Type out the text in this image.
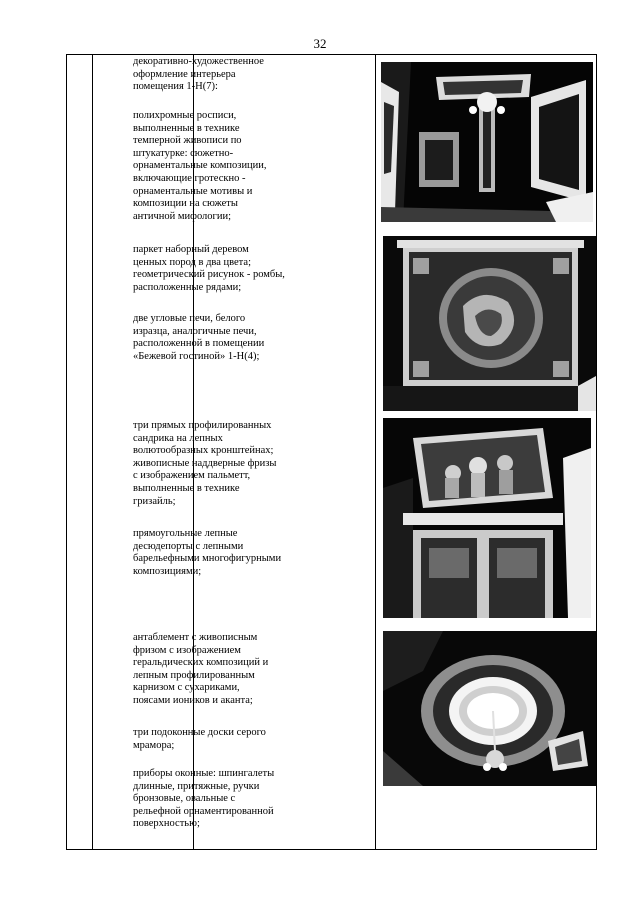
32
декоративно-художественное
оформление интерьера
помещения 1-Н(7):
полихромные росписи,
выполненные в технике
темперной живописи по
штукатурке: сюжетно-
орнаментальные композиции,
включающие гротескно -
орнаментальные мотивы и
композиции на сюжеты
античной мифологии;
паркет наборный деревом
ценных пород в два цвета;
геометрический рисунок - ромбы,
расположенные рядами;
две угловые печи, белого
изразца, аналогичные печи,
расположенной в помещении
«Бежевой гостиной» 1-Н(4);
три прямых профилированных
сандрика на лепных
волютообразных кронштейнах;
живописные наддверные фризы
с изображением пальметт,
выполненные в технике
гризайль;
прямоугольные лепные
десюдепорты с лепными
барельефными многофигурными
композициями;
антаблемент с живописным
фризом с изображением
геральдических композиций и
лепным профилированным
карнизом с сухариками,
поясами иоников и аканта;
три подоконные доски серого
мрамора;
приборы оконные: шпингалеты
длинные, притяжные, ручки
бронзовые, овальные с
рельефной орнаментированной
поверхностью;
